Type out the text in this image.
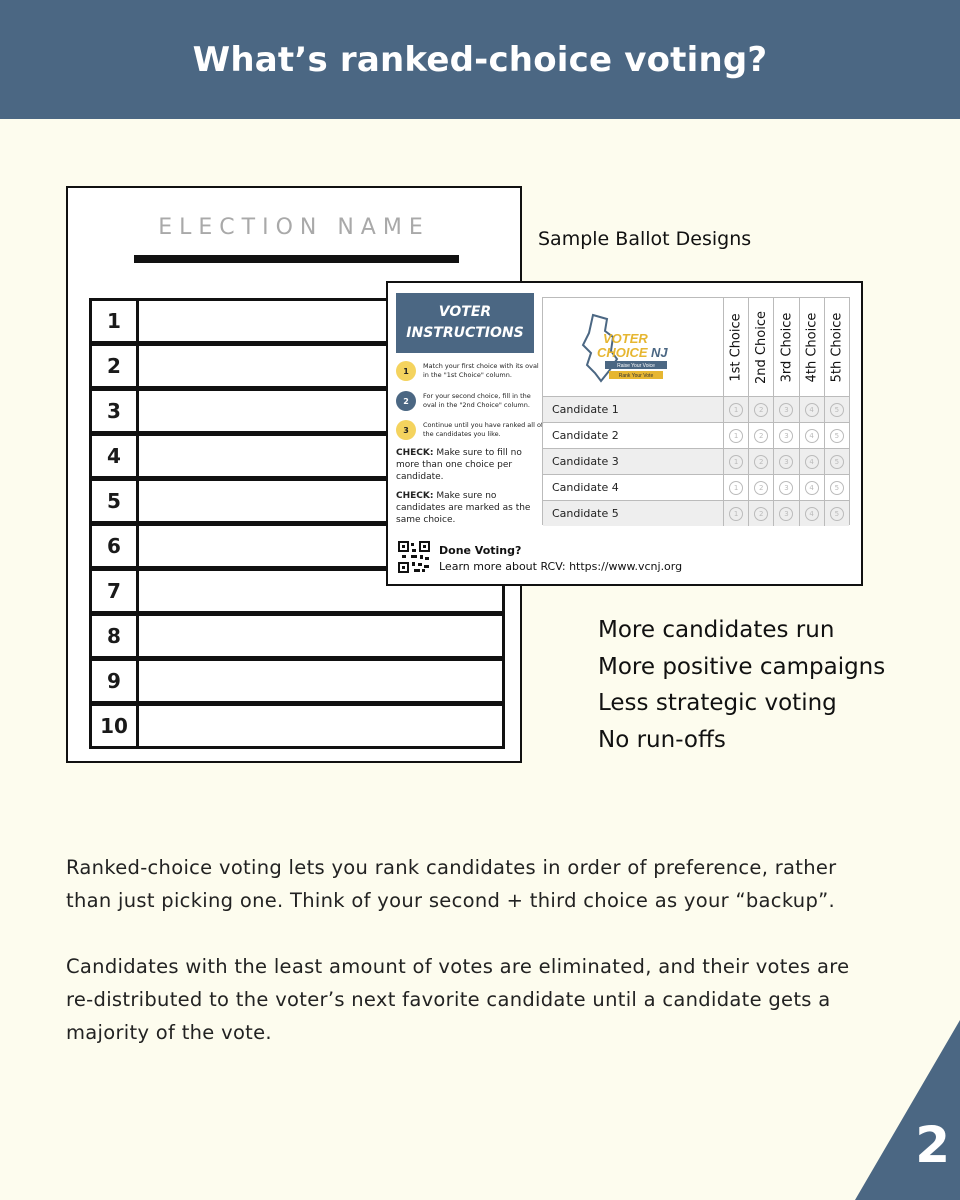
What’s ranked-choice voting?
ELECTION NAME
1
2
3
4
5
6
7
8
9
10
VOTER
INSTRUCTIONS
1
Match your first choice with its oval in the "1st Choice" column.
2
For your second choice, fill in the oval in the "2nd Choice" column.
3
Continue until you have ranked all of the candidates you like.
CHECK: Make sure to fill no more than one choice per candidate.
CHECK: Make sure no candidates are marked as the same choice.
VOTER
CHOICE NJ
Raise Your Voice
Rank Your Vote	1st Choice 2nd Choice 3rd Choice 4th Choice 5th Choice
Candidate 1	1	2	3	4	5
Candidate 2	1	2	3	4	5
Candidate 3	1	2	3	4	5
Candidate 4	1	2	3	4	5
Candidate 5	1	2	3	4	5
Done Voting?
Learn more about RCV: https://www.vcnj.org
Sample Ballot Designs
More candidates run
More positive campaigns
Less strategic voting
No run-offs
Ranked-choice voting lets you rank candidates in order of preference, rather
than just picking one. Think of your second + third choice as your “backup”.
Candidates with the least amount of votes are eliminated, and their votes are
re-distributed to the voter’s next favorite candidate until a candidate gets a
majority of the vote.
2
